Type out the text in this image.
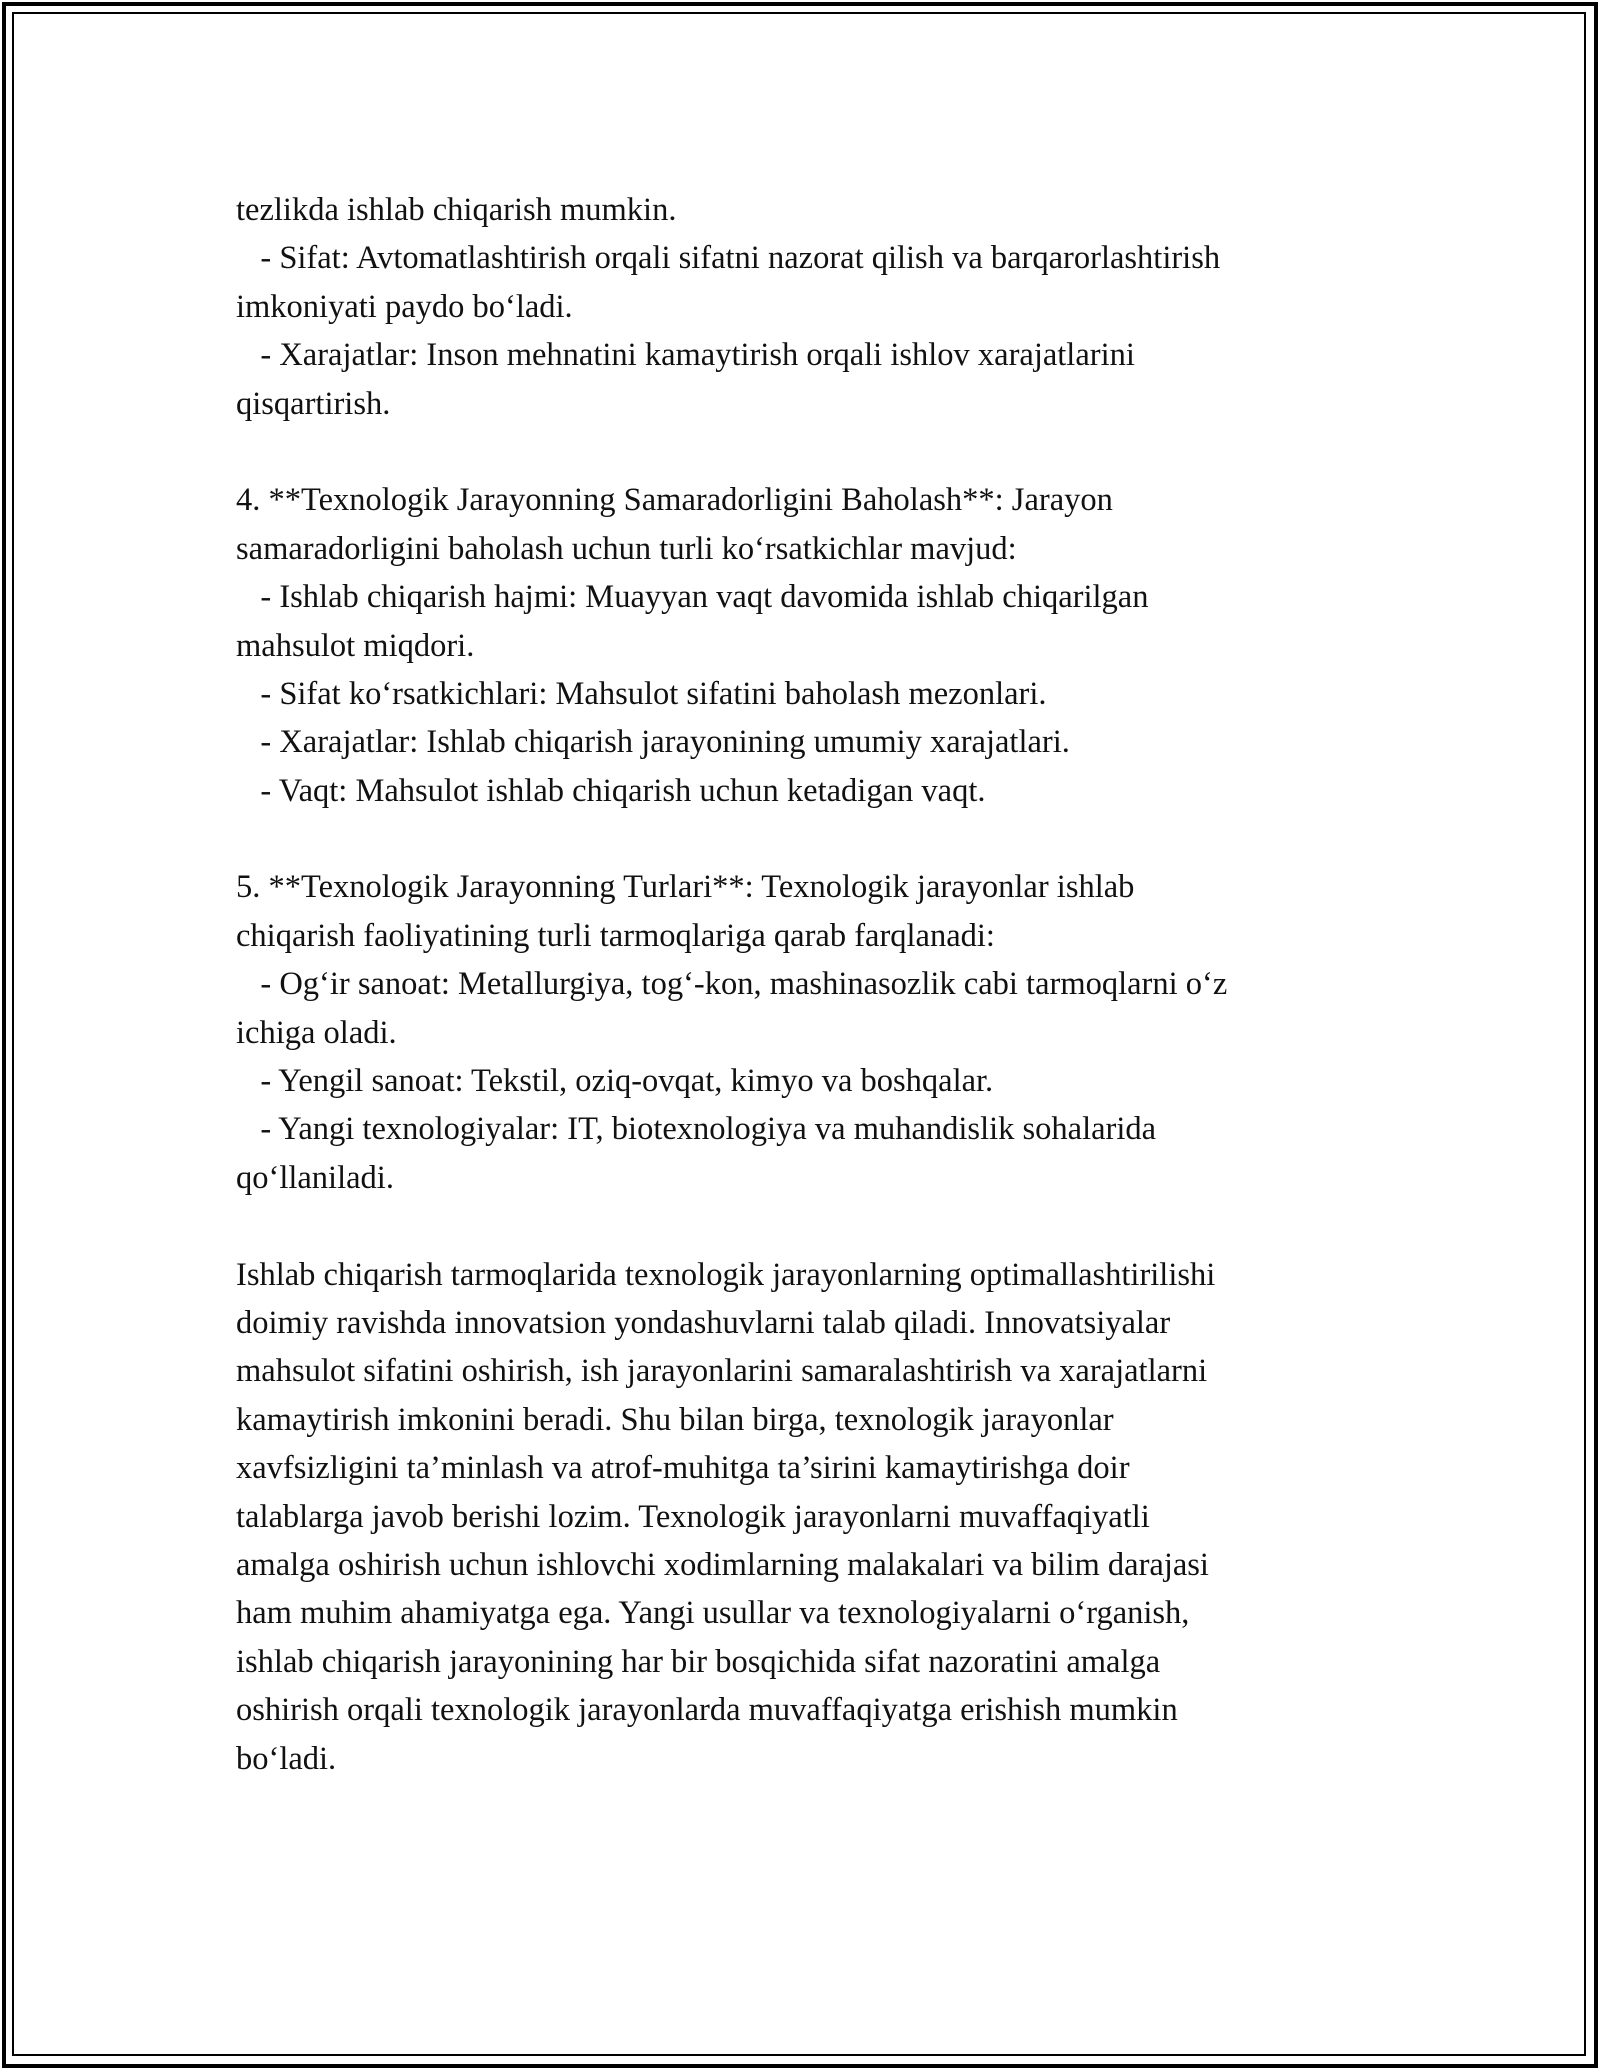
tezlikda ishlab chiqarish mumkin.
- Sifat: Avtomatlashtirish orqali sifatni nazorat qilish va barqarorlashtirish
imkoniyati paydo bo‘ladi.
- Xarajatlar: Inson mehnatini kamaytirish orqali ishlov xarajatlarini
qisqartirish.
4. **Texnologik Jarayonning Samaradorligini Baholash**: Jarayon
samaradorligini baholash uchun turli ko‘rsatkichlar mavjud:
- Ishlab chiqarish hajmi: Muayyan vaqt davomida ishlab chiqarilgan
mahsulot miqdori.
- Sifat ko‘rsatkichlari: Mahsulot sifatini baholash mezonlari.
- Xarajatlar: Ishlab chiqarish jarayonining umumiy xarajatlari.
- Vaqt: Mahsulot ishlab chiqarish uchun ketadigan vaqt.
5. **Texnologik Jarayonning Turlari**: Texnologik jarayonlar ishlab
chiqarish faoliyatining turli tarmoqlariga qarab farqlanadi:
- Og‘ir sanoat: Metallurgiya, tog‘-kon, mashinasozlik cabi tarmoqlarni o‘z
ichiga oladi.
- Yengil sanoat: Tekstil, oziq-ovqat, kimyo va boshqalar.
- Yangi texnologiyalar: IT, biotexnologiya va muhandislik sohalarida
qo‘llaniladi.
Ishlab chiqarish tarmoqlarida texnologik jarayonlarning optimallashtirilishi
doimiy ravishda innovatsion yondashuvlarni talab qiladi. Innovatsiyalar
mahsulot sifatini oshirish, ish jarayonlarini samaralashtirish va xarajatlarni
kamaytirish imkonini beradi. Shu bilan birga, texnologik jarayonlar
xavfsizligini ta’minlash va atrof-muhitga ta’sirini kamaytirishga doir
talablarga javob berishi lozim. Texnologik jarayonlarni muvaffaqiyatli
amalga oshirish uchun ishlovchi xodimlarning malakalari va bilim darajasi
ham muhim ahamiyatga ega. Yangi usullar va texnologiyalarni o‘rganish,
ishlab chiqarish jarayonining har bir bosqichida sifat nazoratini amalga
oshirish orqali texnologik jarayonlarda muvaffaqiyatga erishish mumkin
bo‘ladi.
